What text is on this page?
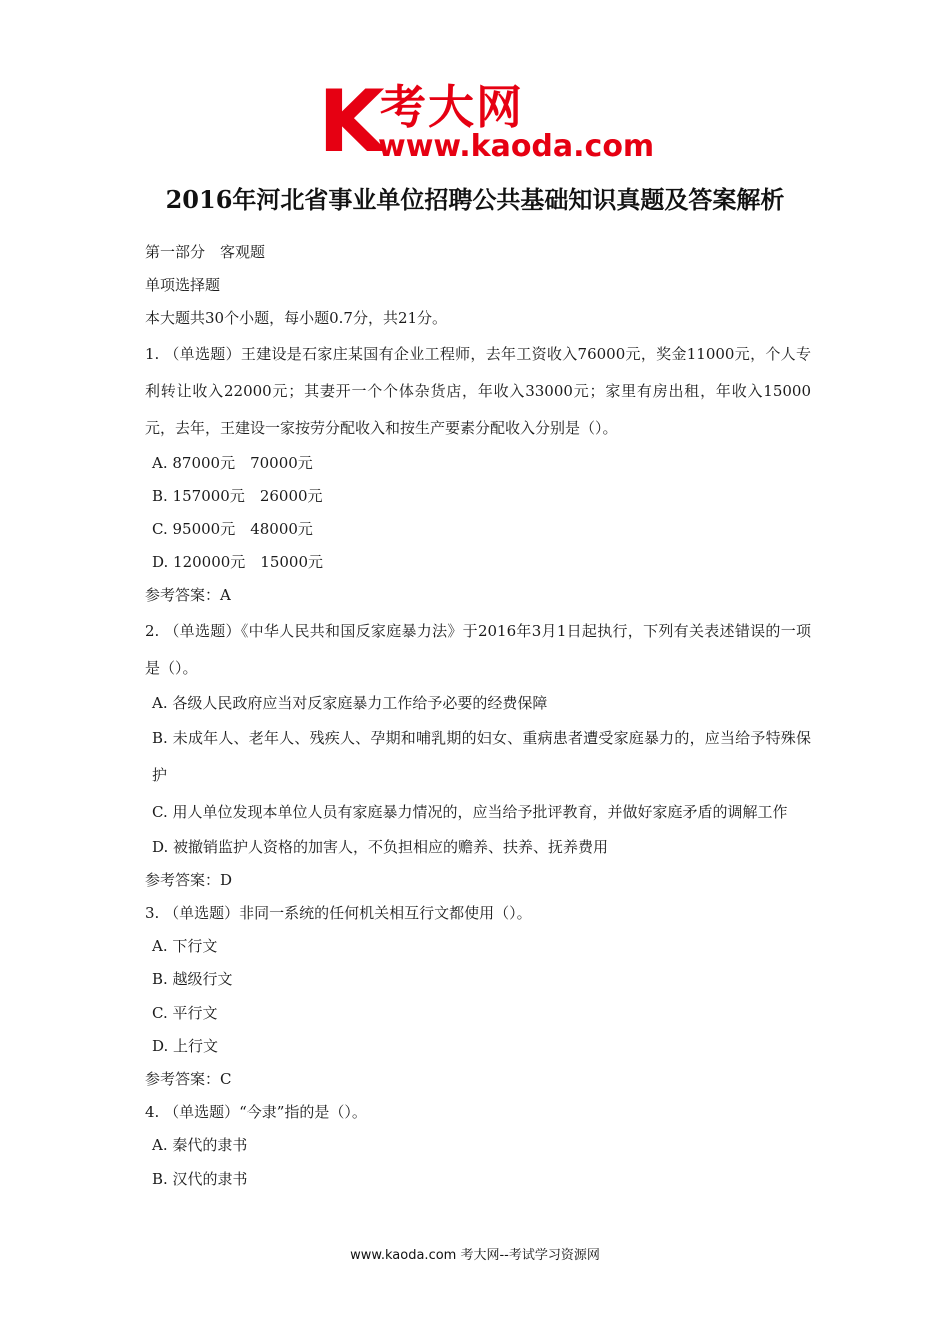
K 考大网
www.kaoda.com
2016年河北省事业单位招聘公共基础知识真题及答案解析
第一部分　客观题
单项选择题
本大题共30个小题，每小题0.7分，共21分。
1. （单选题）王建设是石家庄某国有企业工程师，去年工资收入76000元，奖金11000元，个人专利转让收入22000元；其妻开一个个体杂货店，年收入33000元；家里有房出租，年收入15000元，去年，王建设一家按劳分配收入和按生产要素分配收入分别是（）。
A. 87000元　70000元
B. 157000元　26000元
C. 95000元　48000元
D. 120000元　15000元
参考答案：A
2. （单选题）《中华人民共和国反家庭暴力法》于2016年3月1日起执行，下列有关表述错误的一项是（）。
A. 各级人民政府应当对反家庭暴力工作给予必要的经费保障
B. 未成年人、老年人、残疾人、孕期和哺乳期的妇女、重病患者遭受家庭暴力的，应当给予特殊保护
C. 用人单位发现本单位人员有家庭暴力情况的，应当给予批评教育，并做好家庭矛盾的调解工作
D. 被撤销监护人资格的加害人，不负担相应的赡养、扶养、抚养费用
参考答案：D
3. （单选题）非同一系统的任何机关相互行文都使用（）。
A. 下行文
B. 越级行文
C. 平行文
D. 上行文
参考答案：C
4. （单选题）“今隶”指的是（）。
A. 秦代的隶书
B. 汉代的隶书
www.kaoda.com 考大网--考试学习资源网
